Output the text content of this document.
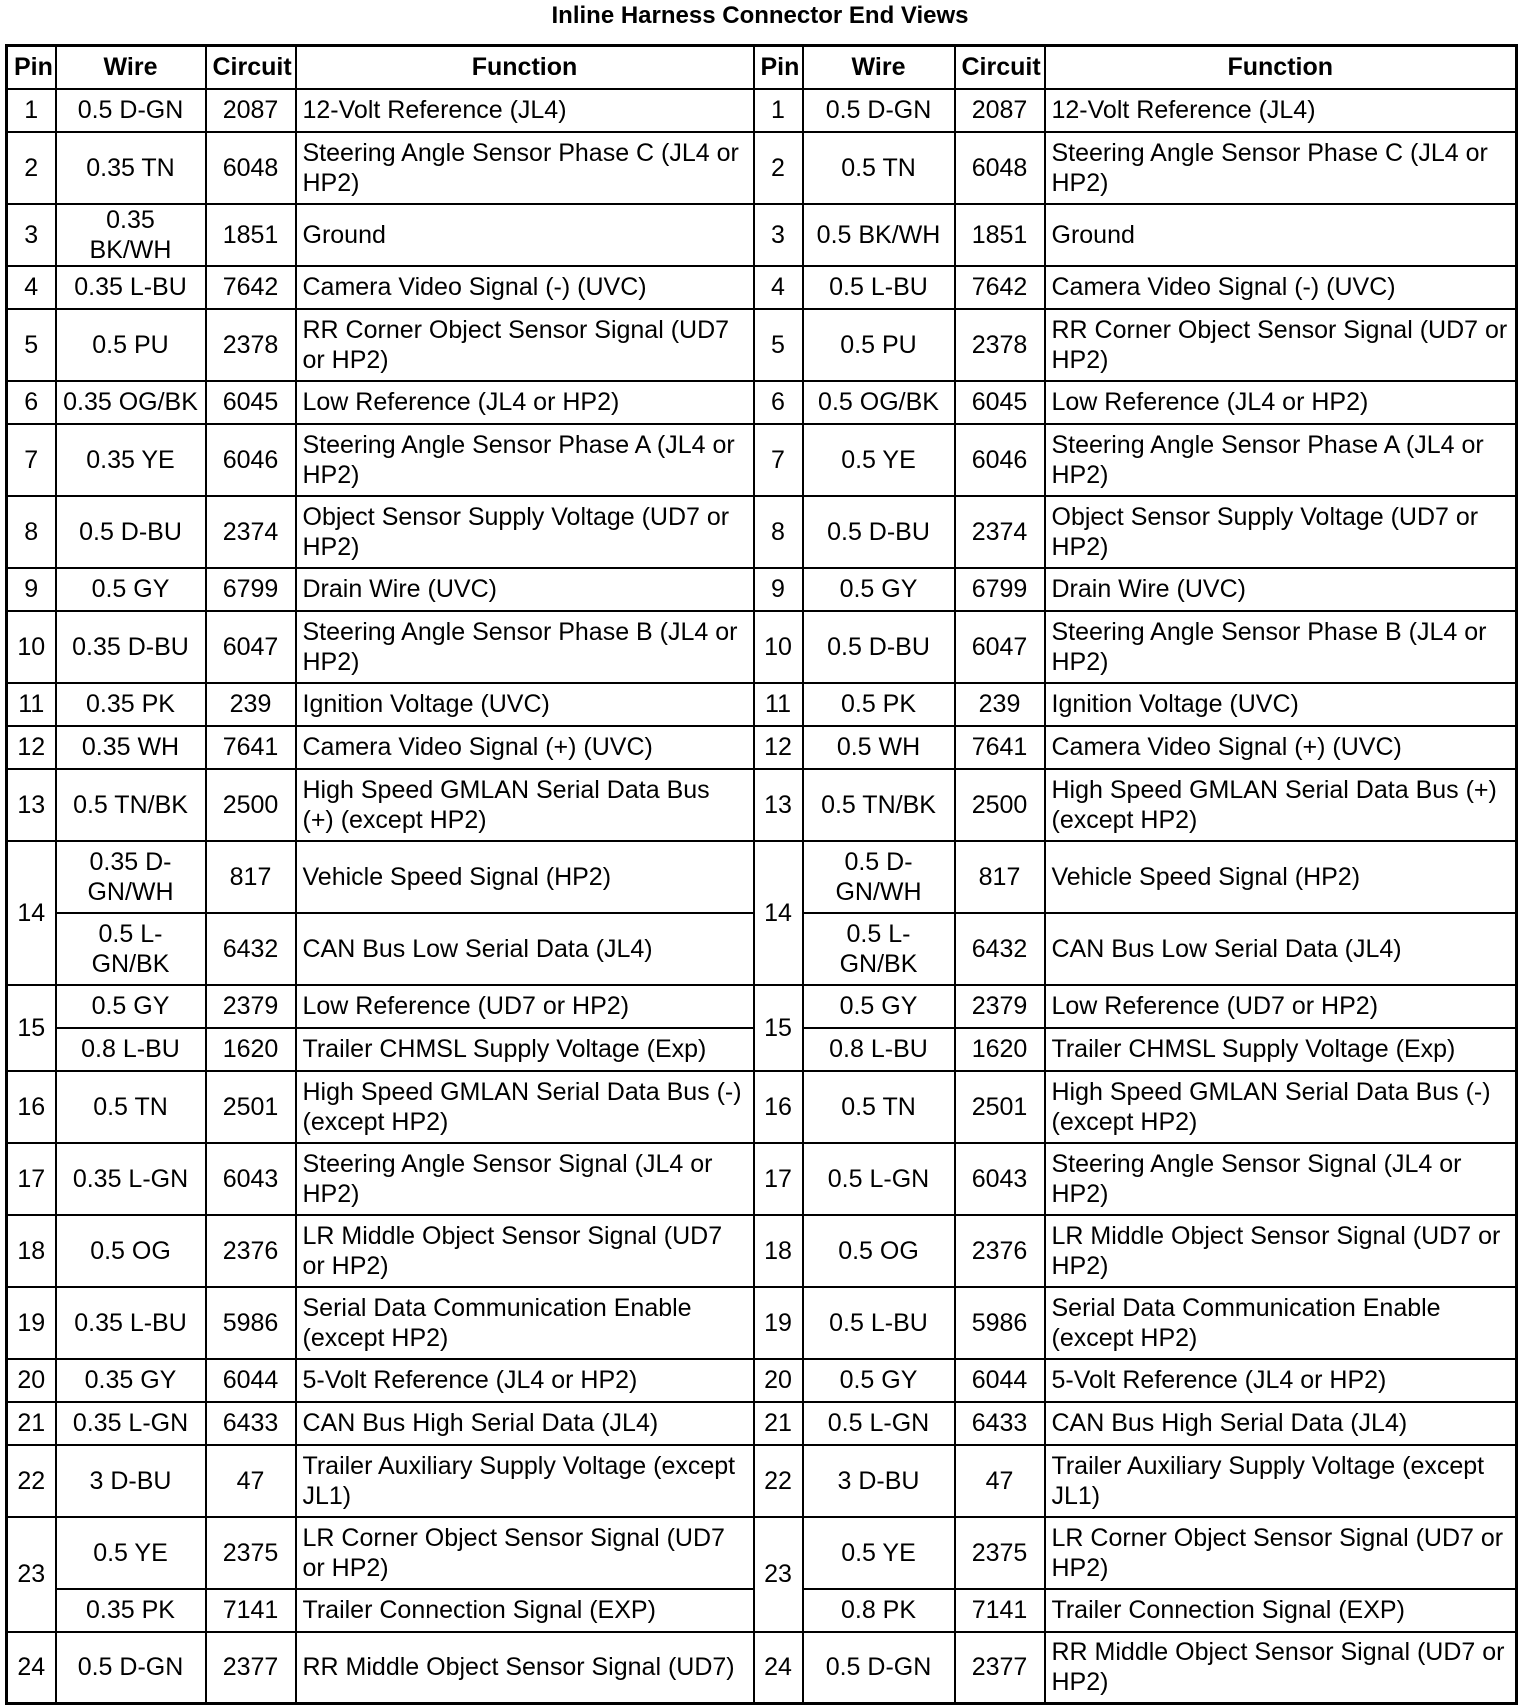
Inline Harness Connector End Views
Pin	Wire	Circuit	Function	Pin	Wire	Circuit	Function
1	0.5 D-GN	2087	12-Volt Reference (JL4)	1	0.5 D-GN	2087	12-Volt Reference (JL4)
2	0.35 TN	6048	Steering Angle Sensor Phase C (JL4 or HP2)	2	0.5 TN	6048	Steering Angle Sensor Phase C (JL4 or HP2)
3	0.35 BK/WH	1851	Ground	3	0.5 BK/WH	1851	Ground
4	0.35 L-BU	7642	Camera Video Signal (-) (UVC)	4	0.5 L-BU	7642	Camera Video Signal (-) (UVC)
5	0.5 PU	2378	RR Corner Object Sensor Signal (UD7 or HP2)	5	0.5 PU	2378	RR Corner Object Sensor Signal (UD7 or HP2)
6	0.35 OG/BK	6045	Low Reference (JL4 or HP2)	6	0.5 OG/BK	6045	Low Reference (JL4 or HP2)
7	0.35 YE	6046	Steering Angle Sensor Phase A (JL4 or HP2)	7	0.5 YE	6046	Steering Angle Sensor Phase A (JL4 or HP2)
8	0.5 D-BU	2374	Object Sensor Supply Voltage (UD7 or HP2)	8	0.5 D-BU	2374	Object Sensor Supply Voltage (UD7 or HP2)
9	0.5 GY	6799	Drain Wire (UVC)	9	0.5 GY	6799	Drain Wire (UVC)
10	0.35 D-BU	6047	Steering Angle Sensor Phase B (JL4 or HP2)	10	0.5 D-BU	6047	Steering Angle Sensor Phase B (JL4 or HP2)
11	0.35 PK	239	Ignition Voltage (UVC)	11	0.5 PK	239	Ignition Voltage (UVC)
12	0.35 WH	7641	Camera Video Signal (+) (UVC)	12	0.5 WH	7641	Camera Video Signal (+) (UVC)
13	0.5 TN/BK	2500	High Speed GMLAN Serial Data Bus (+) (except HP2)	13	0.5 TN/BK	2500	High Speed GMLAN Serial Data Bus (+) (except HP2)
14	0.35 D-GN/WH	817	Vehicle Speed Signal (HP2)	14	0.5 D-GN/WH	817	Vehicle Speed Signal (HP2)
	0.5 L-GN/BK	6432	CAN Bus Low Serial Data (JL4)		0.5 L-GN/BK	6432	CAN Bus Low Serial Data (JL4)
15	0.5 GY	2379	Low Reference (UD7 or HP2)	15	0.5 GY	2379	Low Reference (UD7 or HP2)
	0.8 L-BU	1620	Trailer CHMSL Supply Voltage (Exp)		0.8 L-BU	1620	Trailer CHMSL Supply Voltage (Exp)
16	0.5 TN	2501	High Speed GMLAN Serial Data Bus (-) (except HP2)	16	0.5 TN	2501	High Speed GMLAN Serial Data Bus (-) (except HP2)
17	0.35 L-GN	6043	Steering Angle Sensor Signal (JL4 or HP2)	17	0.5 L-GN	6043	Steering Angle Sensor Signal (JL4 or HP2)
18	0.5 OG	2376	LR Middle Object Sensor Signal (UD7 or HP2)	18	0.5 OG	2376	LR Middle Object Sensor Signal (UD7 or HP2)
19	0.35 L-BU	5986	Serial Data Communication Enable (except HP2)	19	0.5 L-BU	5986	Serial Data Communication Enable (except HP2)
20	0.35 GY	6044	5-Volt Reference (JL4 or HP2)	20	0.5 GY	6044	5-Volt Reference (JL4 or HP2)
21	0.35 L-GN	6433	CAN Bus High Serial Data (JL4)	21	0.5 L-GN	6433	CAN Bus High Serial Data (JL4)
22	3 D-BU	47	Trailer Auxiliary Supply Voltage (except JL1)	22	3 D-BU	47	Trailer Auxiliary Supply Voltage (except JL1)
23	0.5 YE	2375	LR Corner Object Sensor Signal (UD7 or HP2)	23	0.5 YE	2375	LR Corner Object Sensor Signal (UD7 or HP2)
	0.35 PK	7141	Trailer Connection Signal (EXP)		0.8 PK	7141	Trailer Connection Signal (EXP)
24	0.5 D-GN	2377	RR Middle Object Sensor Signal (UD7)	24	0.5 D-GN	2377	RR Middle Object Sensor Signal (UD7 or HP2)
